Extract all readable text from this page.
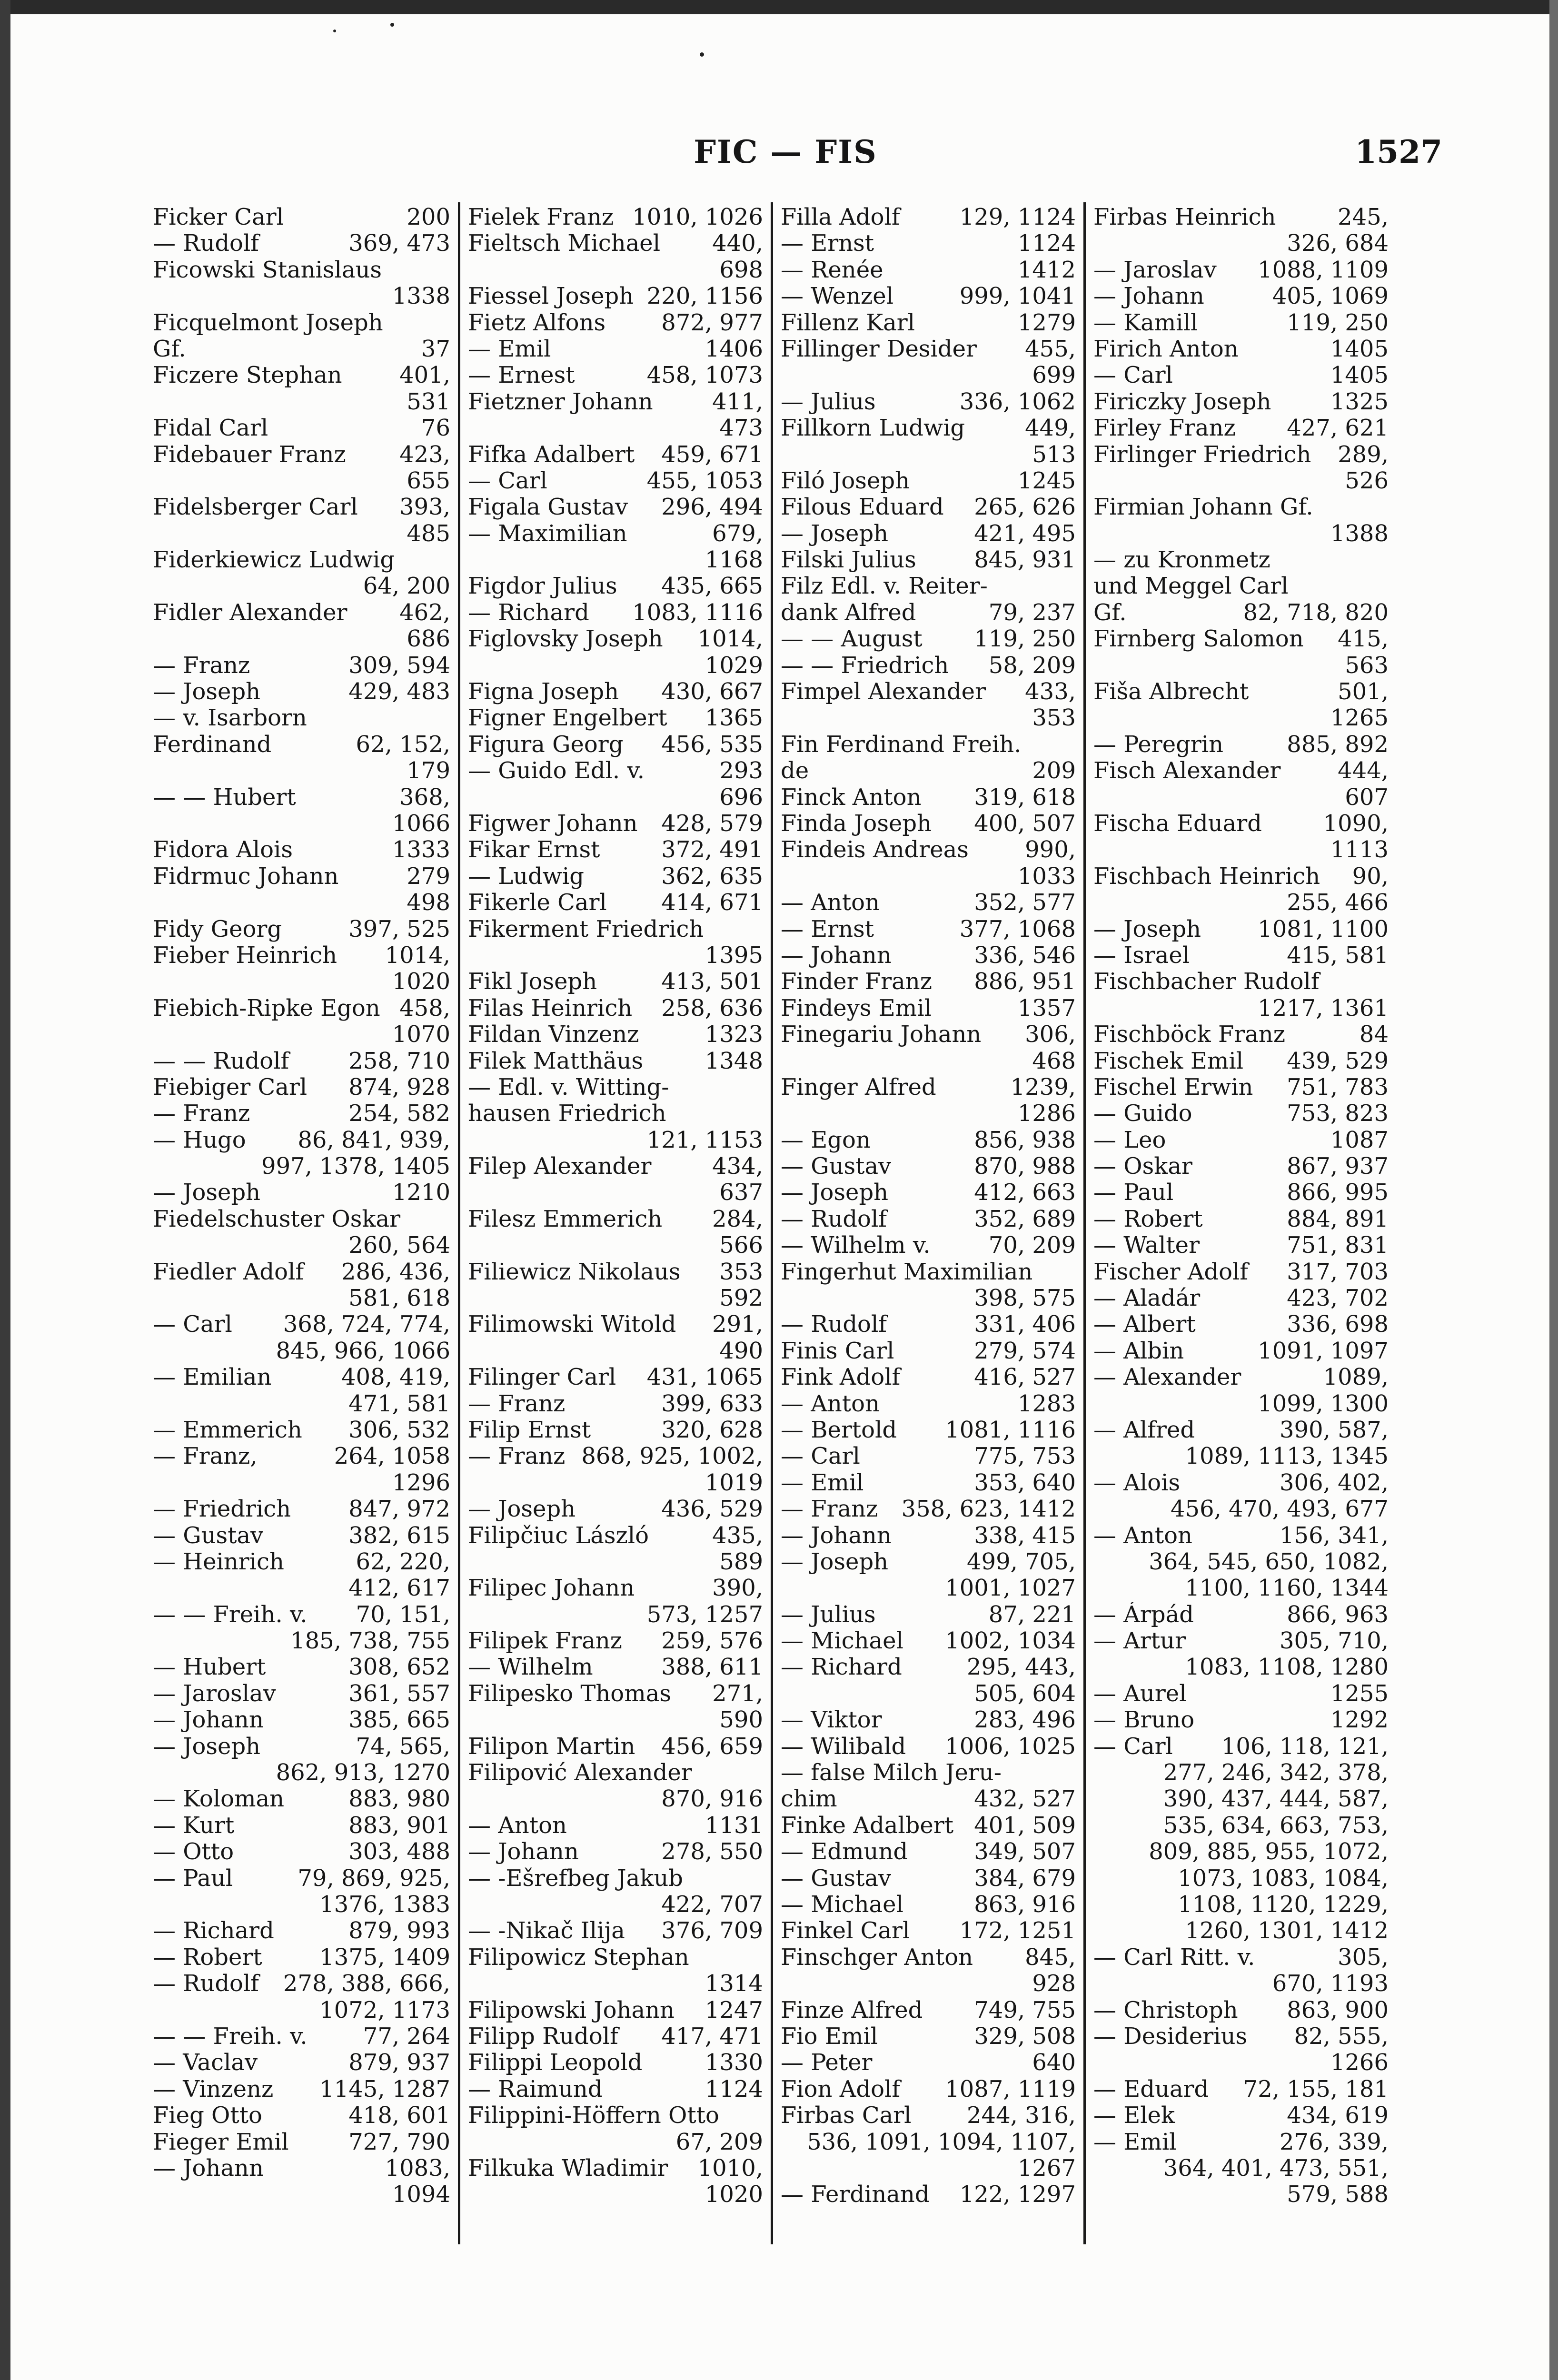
FIC — FIS	1527
Ficker Carl	200
— Rudolf	369, 473
Ficowski Stanislaus
1338
Ficquelmont Joseph
Gf.	37
Ficzere Stephan	401,
531
Fidal Carl	76
Fidebauer Franz	423,
655
Fidelsberger Carl	393,
485
Fiderkiewicz Ludwig
64, 200
Fidler Alexander	462,
686
— Franz	309, 594
— Joseph	429, 483
— v. Isarborn
Ferdinand	62, 152,
179
— — Hubert	368,
1066
Fidora Alois	1333
Fidrmuc Johann	279
498
Fidy Georg	397, 525
Fieber Heinrich	1014,
1020
Fiebich-Ripke Egon 458,
1070
— — Rudolf	258, 710
Fiebiger Carl	874, 928
— Franz	254, 582
— Hugo	86, 841, 939,
997, 1378, 1405
— Joseph	1210
Fiedelschuster Oskar
260, 564
Fiedler Adolf	286, 436,
581, 618
— Carl	368, 724, 774,
845, 966, 1066
— Emilian	408, 419,
471, 581
— Emmerich	306, 532
— Franz,	264, 1058
1296
— Friedrich	847, 972
— Gustav	382, 615
— Heinrich	62, 220,
412, 617
— — Freih. v.	70, 151,
185, 738, 755
— Hubert	308, 652
— Jaroslav	361, 557
— Johann	385, 665
— Joseph	74, 565,
862, 913, 1270
— Koloman	883, 980
— Kurt	883, 901
— Otto	303, 488
— Paul	79, 869, 925,
1376, 1383
— Richard	879, 993
— Robert	1375, 1409
— Rudolf	278, 388, 666,
1072, 1173
— — Freih. v.	77, 264
— Vaclav	879, 937
— Vinzenz	1145, 1287
Fieg Otto	418, 601
Fieger Emil	727, 790
— Johann	1083,
1094
Fielek Franz 1010, 1026
Fieltsch Michael	440,
698
Fiessel Joseph 220, 1156
Fietz Alfons	872, 977
— Emil	1406
— Ernest	458, 1073
Fietzner Johann	411,
473
Fifka Adalbert	459, 671
— Carl	455, 1053
Figala Gustav	296, 494
— Maximilian	679,
1168
Figdor Julius	435, 665
— Richard	1083, 1116
Figlovsky Joseph	1014,
1029
Figna Joseph	430, 667
Figner Engelbert	1365
Figura Georg	456, 535
— Guido Edl. v.	293
696
Figwer Johann	428, 579
Fikar Ernst	372, 491
— Ludwig	362, 635
Fikerle Carl	414, 671
Fikerment Friedrich
1395
Fikl Joseph	413, 501
Filas Heinrich	258, 636
Fildan Vinzenz	1323
Filek Matthäus	1348
— Edl. v. Witting-
hausen Friedrich
121, 1153
Filep Alexander	434,
637
Filesz Emmerich	284,
566
Filiewicz Nikolaus	353
592
Filimowski Witold	291,
490
Filinger Carl	431, 1065
— Franz	399, 633
Filip Ernst	320, 628
— Franz 868, 925, 1002,
1019
— Joseph	436, 529
Filipčiuc László	435,
589
Filipec Johann	390,
573, 1257
Filipek Franz	259, 576
— Wilhelm	388, 611
Filipesko Thomas	271,
590
Filipon Martin	456, 659
Filipović Alexander
870, 916
— Anton	1131
— Johann	278, 550
— -Ešrefbeg Jakub
422, 707
— -Nikač Ilija	376, 709
Filipowicz Stephan
1314
Filipowski Johann	1247
Filipp Rudolf	417, 471
Filippi Leopold	1330
— Raimund	1124
Filippini-Höffern Otto
67, 209
Filkuka Wladimir	1010,
1020
Filla Adolf	129, 1124
— Ernst	1124
— Renée	1412
— Wenzel	999, 1041
Fillenz Karl	1279
Fillinger Desider	455,
699
— Julius	336, 1062
Fillkorn Ludwig	449,
513
Filó Joseph	1245
Filous Eduard	265, 626
— Joseph	421, 495
Filski Julius	845, 931
Filz Edl. v. Reiter-
dank Alfred	79, 237
— — August	119, 250
— — Friedrich	58, 209
Fimpel Alexander	433,
353
Fin Ferdinand Freih.
de	209
Finck Anton	319, 618
Finda Joseph	400, 507
Findeis Andreas	990,
1033
— Anton	352, 577
— Ernst	377, 1068
— Johann	336, 546
Finder Franz	886, 951
Findeys Emil	1357
Finegariu Johann	306,
468
Finger Alfred	1239,
1286
— Egon	856, 938
— Gustav	870, 988
— Joseph	412, 663
— Rudolf	352, 689
— Wilhelm v.	70, 209
Fingerhut Maximilian
398, 575
— Rudolf	331, 406
Finis Carl	279, 574
Fink Adolf	416, 527
— Anton	1283
— Bertold	1081, 1116
— Carl	775, 753
— Emil	353, 640
— Franz	358, 623, 1412
— Johann	338, 415
— Joseph	499, 705,
1001, 1027
— Julius	87, 221
— Michael	1002, 1034
— Richard	295, 443,
505, 604
— Viktor	283, 496
— Wilibald	1006, 1025
— false Milch Jeru-
chim	432, 527
Finke Adalbert 401, 509
— Edmund	349, 507
— Gustav	384, 679
— Michael	863, 916
Finkel Carl	172, 1251
Finschger Anton	845,
928
Finze Alfred	749, 755
Fio Emil	329, 508
— Peter	640
Fion Adolf	1087, 1119
Firbas Carl	244, 316,
536, 1091, 1094, 1107,
1267
— Ferdinand	122, 1297
Firbas Heinrich	245,
326, 684
— Jaroslav	1088, 1109
— Johann	405, 1069
— Kamill	119, 250
Firich Anton	1405
— Carl	1405
Firiczky Joseph	1325
Firley Franz	427, 621
Firlinger Friedrich	289,
526
Firmian Johann Gf.
1388
— zu Kronmetz
und Meggel Carl
Gf.	82, 718, 820
Firnberg Salomon	415,
563
Fiša Albrecht	501,
1265
— Peregrin	885, 892
Fisch Alexander	444,
607
Fischa Eduard	1090,
1113
Fischbach Heinrich	90,
255, 466
— Joseph	1081, 1100
— Israel	415, 581
Fischbacher Rudolf
1217, 1361
Fischböck Franz	84
Fischek Emil	439, 529
Fischel Erwin	751, 783
— Guido	753, 823
— Leo	1087
— Oskar	867, 937
— Paul	866, 995
— Robert	884, 891
— Walter	751, 831
Fischer Adolf	317, 703
— Aladár	423, 702
— Albert	336, 698
— Albin	1091, 1097
— Alexander	1089,
1099, 1300
— Alfred	390, 587,
1089, 1113, 1345
— Alois	306, 402,
456, 470, 493, 677
— Anton	156, 341,
364, 545, 650, 1082,
1100, 1160, 1344
— Árpád	866, 963
— Artur	305, 710,
1083, 1108, 1280
— Aurel	1255
— Bruno	1292
— Carl	106, 118, 121,
277, 246, 342, 378,
390, 437, 444, 587,
535, 634, 663, 753,
809, 885, 955, 1072,
1073, 1083, 1084,
1108, 1120, 1229,
1260, 1301, 1412
— Carl Ritt. v.	305,
670, 1193
— Christoph	863, 900
— Desiderius	82, 555,
1266
— Eduard	72, 155, 181
— Elek	434, 619
— Emil	276, 339,
364, 401, 473, 551,
579, 588
